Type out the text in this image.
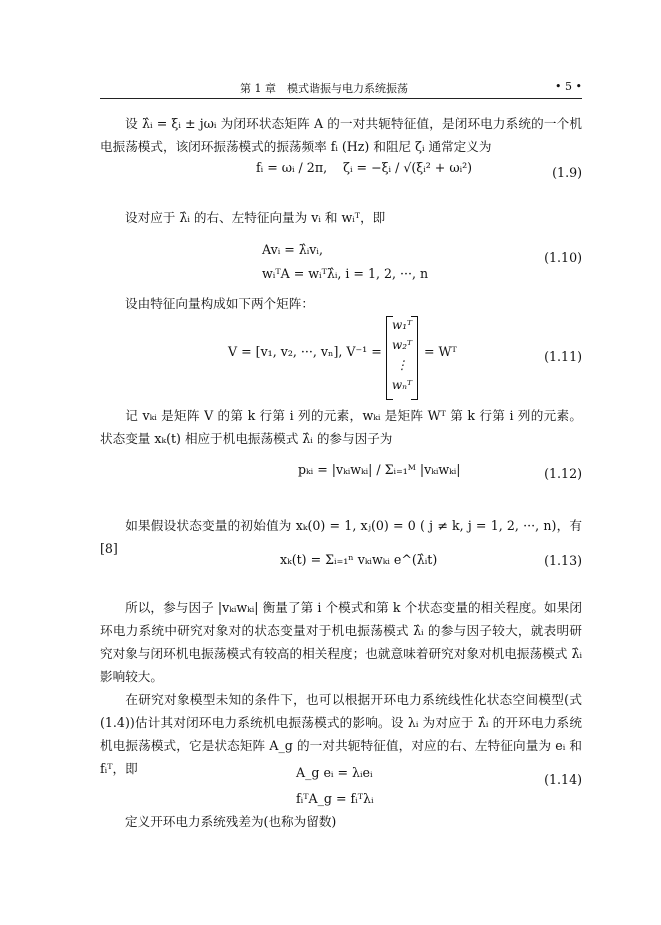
第 1 章　模式谐振与电力系统振荡	• 5 •
设 λ̂ᵢ = ξᵢ ± jωᵢ 为闭环状态矩阵 A 的一对共轭特征值，是闭环电力系统的一个机电振荡模式，该闭环振荡模式的振荡频率 fᵢ (Hz) 和阻尼 ζᵢ 通常定义为
fᵢ = ωᵢ / 2π, ζᵢ = −ξᵢ / √(ξᵢ² + ωᵢ²)	(1.9)
设对应于 λ̂ᵢ 的右、左特征向量为 vᵢ 和 wᵢᵀ，即
Avᵢ = λ̂ᵢvᵢ,
wᵢᵀA = wᵢᵀλ̂ᵢ, i = 1, 2, ···, n
(1.10)
设由特征向量构成如下两个矩阵：
V = [v₁, v₂, ···, vₙ], V⁻¹ =
w₁ᵀ
w₂ᵀ
⋮
wₙᵀ
= Wᵀ	(1.11)
记 vₖᵢ 是矩阵 V 的第 k 行第 i 列的元素，wₖᵢ 是矩阵 Wᵀ 第 k 行第 i 列的元素。状态变量 xₖ(t) 相应于机电振荡模式 λ̂ᵢ 的参与因子为
pₖᵢ = |vₖᵢwₖᵢ| / Σᵢ₌₁ᴹ |vₖᵢwₖᵢ|	(1.12)
如果假设状态变量的初始值为 xₖ(0) = 1, xⱼ(0) = 0 ( j ≠ k, j = 1, 2, ···, n)，有[8]
xₖ(t) = Σᵢ₌₁ⁿ vₖᵢwₖᵢ e^(λ̂ᵢt)	(1.13)
所以，参与因子 |vₖᵢwₖᵢ| 衡量了第 i 个模式和第 k 个状态变量的相关程度。如果闭环电力系统中研究对象对的状态变量对于机电振荡模式 λ̂ᵢ 的参与因子较大，就表明研究对象与闭环机电振荡模式有较高的相关程度；也就意味着研究对象对机电振荡模式 λ̂ᵢ 影响较大。
在研究对象模型未知的条件下，也可以根据开环电力系统线性化状态空间模型(式(1.4))估计其对闭环电力系统机电振荡模式的影响。设 λᵢ 为对应于 λ̂ᵢ 的开环电力系统机电振荡模式，它是状态矩阵 A_g 的一对共轭特征值，对应的右、左特征向量为 eᵢ 和 fᵢᵀ，即	A_g eᵢ = λᵢeᵢ
fᵢᵀA_g = fᵢᵀλᵢ
(1.14)
定义开环电力系统残差为(也称为留数)
